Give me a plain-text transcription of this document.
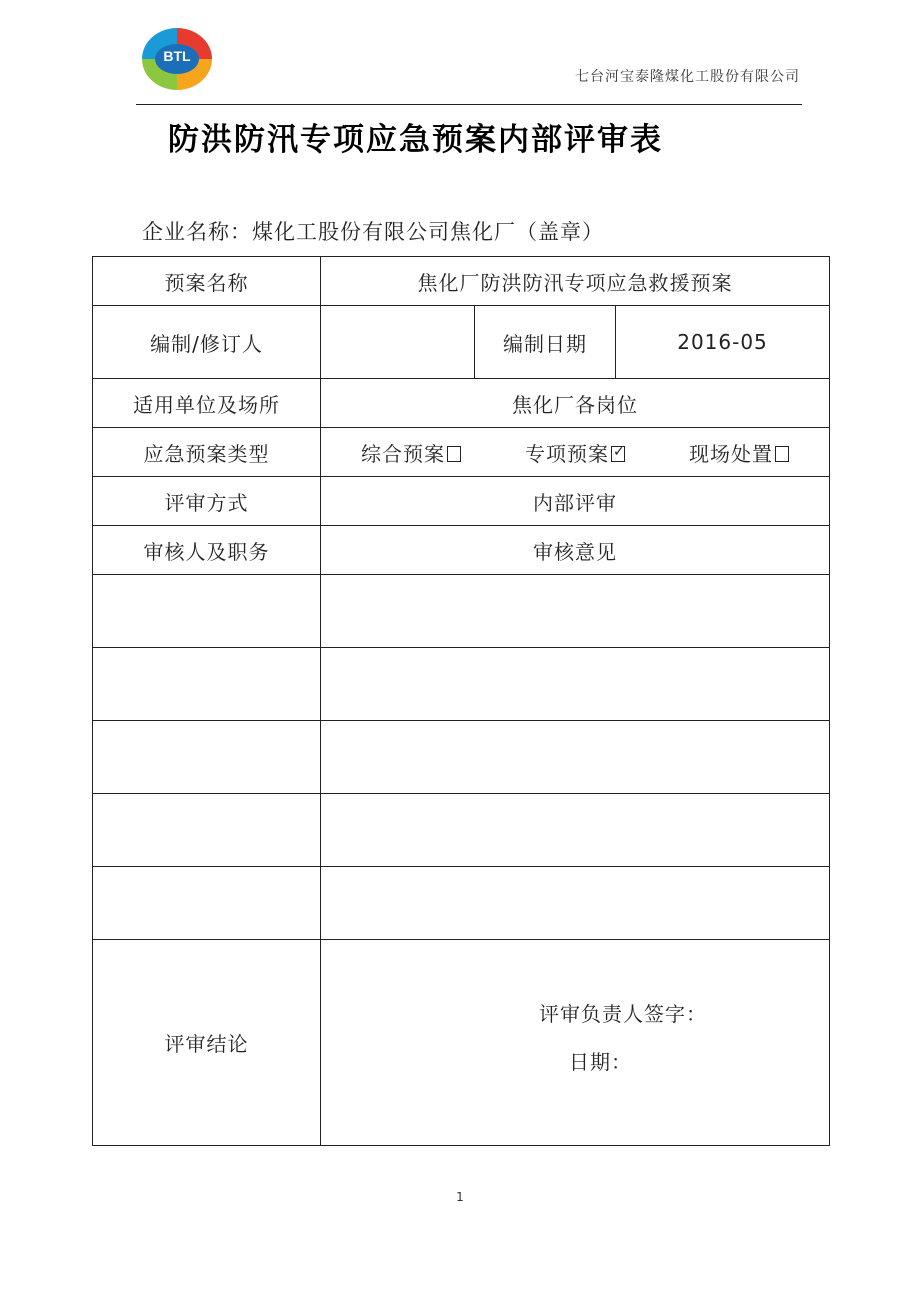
BTL
七台河宝泰隆煤化工股份有限公司
防洪防汛专项应急预案内部评审表
企业名称：煤化工股份有限公司焦化厂（盖章）
预案名称	焦化厂防洪防汛专项应急救援预案		
编制/修订人		编制日期	2016-05
适用单位及场所	焦化厂各岗位		
应急预案类型	综合预案 专项预案 ✓ 现场处置		

评审方式	内部评审		
审核人及职务	审核意见		

评审结论	评审负责人签字：
日期：		
1
